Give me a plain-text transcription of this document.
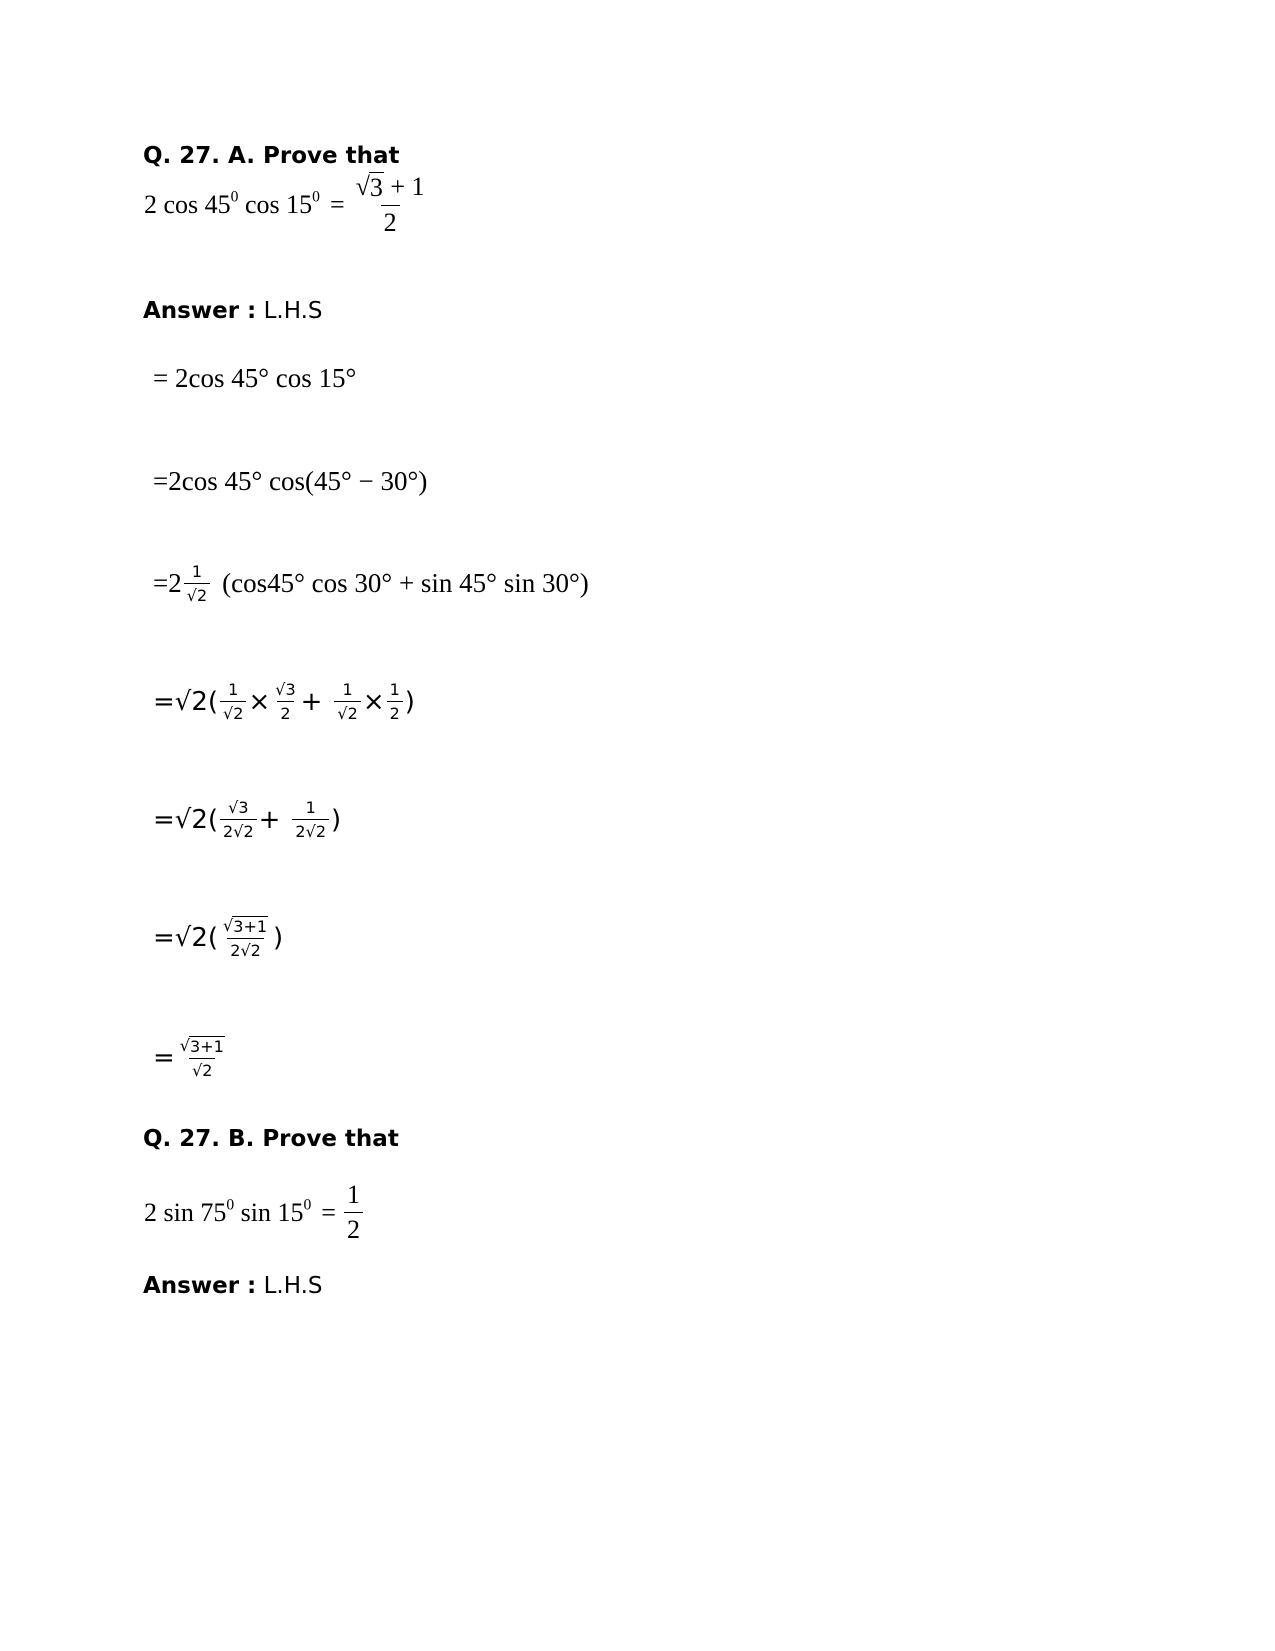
Q. 27. A. Prove that
2 $\cos 45^0$ $\cos 15^0 = \frac{√ 3 + 1}{2}$
Answer : L.H.S
= 2cos 45° cos 15°
=2cos 45° cos(45° − 30°)
$=2 \frac{1}{√2} (\cos 45^\circ$ cos 30° + sin 45° sin 30°)
$=√2( \frac{1}{√2} \times \frac{√3}{2} + \frac{1}{√2} \times \frac{1}{2}$ )
$=√2( \frac{√3}{2√2} + \frac{1}{2√2}$ )
$=√2( \frac{√ 3+1}{2√2}$ )
= $\frac{√ 3+1}{√2}$
Q. 27. B. Prove that
2 $\sin 75^0$ $\sin 15^0 = \frac{1}{2}$
Answer : L.H.S
